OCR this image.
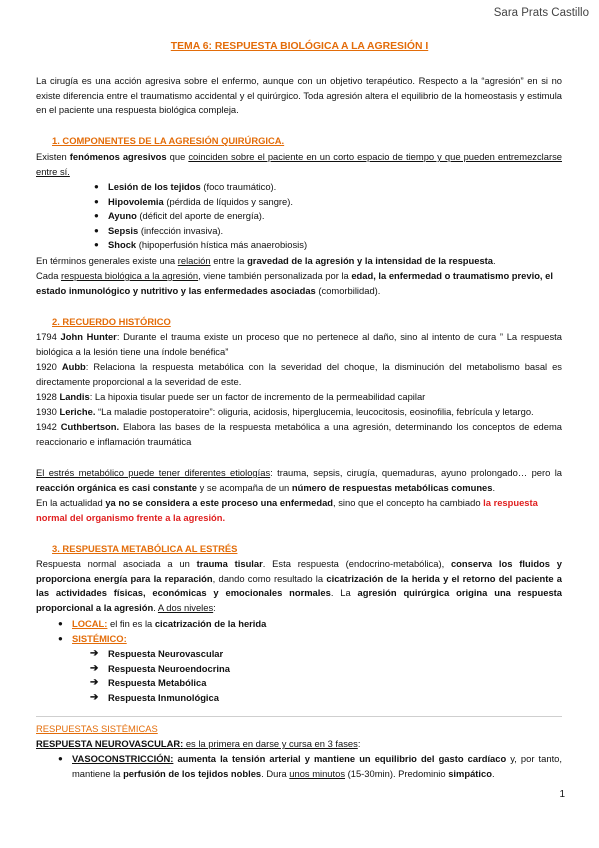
Sara Prats Castillo
TEMA 6: RESPUESTA BIOLÓGICA A LA AGRESIÓN I
La cirugía es una acción agresiva sobre el enfermo, aunque con un objetivo terapéutico. Respecto a la “agresión” en si no existe diferencia entre el traumatismo accidental y el quirúrgico. Toda agresión altera el equilibrio de la homeostasis y estimula en el paciente una respuesta biológica compleja.
1. COMPONENTES DE LA AGRESIÓN QUIRÚRGICA.
Existen fenómenos agresivos que coinciden sobre el paciente en un corto espacio de tiempo y que pueden entremezclarse entre sí.
● Lesión de los tejidos (foco traumático).
● Hipovolemia (pérdida de líquidos y sangre).
● Ayuno (déficit del aporte de energía).
● Sepsis (infección invasiva).
● Shock (hipoperfusión hística más anaerobiosis)
En términos generales existe una relación entre la gravedad de la agresión y la intensidad de la respuesta.
Cada respuesta biológica a la agresión, viene también personalizada por la edad, la enfermedad o traumatismo previo, el estado inmunológico y nutritivo y las enfermedades asociadas (comorbilidad).
2. RECUERDO HISTÓRICO
1794 John Hunter: Durante el trauma existe un proceso que no pertenece al daño, sino al intento de cura ” La respuesta biológica a la lesión tiene una índole benéfica”
1920 Aubb: Relaciona la respuesta metabólica con la severidad del choque, la disminución del metabolismo basal es directamente proporcional a la severidad de este.
1928 Landis: La hipoxia tisular puede ser un factor de incremento de la permeabilidad capilar
1930 Leriche. “La maladie postoperatoire”: oliguria, acidosis, hiperglucemia, leucocitosis, eosinofilia, febrícula y letargo.
1942 Cuthbertson. Elabora las bases de la respuesta metabólica a una agresión, determinando los conceptos de edema reaccionario e inflamación traumática
El estrés metabólico puede tener diferentes etiologías: trauma, sepsis, cirugía, quemaduras, ayuno prolongado… pero la reacción orgánica es casi constante y se acompaña de un número de respuestas metabólicas comunes.
En la actualidad ya no se considera a este proceso una enfermedad, sino que el concepto ha cambiado la respuesta normal del organismo frente a la agresión.
3. RESPUESTA METABÓLICA AL ESTRÉS
Respuesta normal asociada a un trauma tisular. Esta respuesta (endocrino-metabólica), conserva los fluidos y proporciona energía para la reparación, dando como resultado la cicatrización de la herida y el retorno del paciente a las actividades físicas, económicas y emocionales normales. La agresión quirúrgica origina una respuesta proporcional a la agresión. A dos niveles:
● LOCAL: el fin es la cicatrización de la herida
● SISTÉMICO:
➔ Respuesta Neurovascular
➔ Respuesta Neuroendocrina
➔ Respuesta Metabólica
➔ Respuesta Inmunológica
RESPUESTAS SISTÉMICAS
RESPUESTA NEUROVASCULAR: es la primera en darse y cursa en 3 fases:
● VASOCONSTRICCIÓN: aumenta la tensión arterial y mantiene un equilibrio del gasto cardíaco y, por tanto, mantiene la perfusión de los tejidos nobles. Dura unos minutos (15-30min). Predominio simpático.
1
